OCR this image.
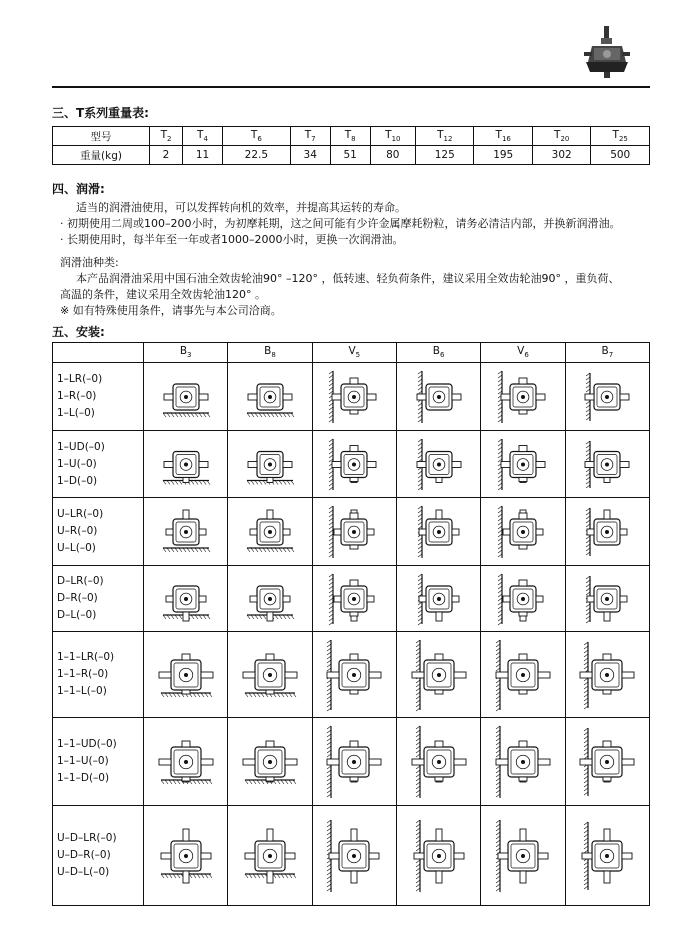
三、T系列重量表:
型号	$T_2$	$T_4$	$T_6$	$T_7$	$T_8$	$T_{10}$	$T_{12}$	$T_{16}$	$T_{20}$	$T_{25}$
重量(kg)	2	11	22.5	34	51	80	125	195	302	500
四、润滑:
适当的润滑油使用，可以发挥转向机的效率，并提高其运转的寿命。
· 初期使用二周或100–200小时，为初摩耗期，这之间可能有少许金属摩耗粉粒，请务必清洁内部，并换新润滑油。
· 长期使用时，每半年至一年或者1000–2000小时，更换一次润滑油。
润滑油种类:
本产品润滑油采用中国石油全效齿轮油90° –120° ，低转速、轻负荷条件，建议采用全效齿轮油90° ，重负荷、
高温的条件，建议采用全效齿轮油120° 。
※ 如有特殊使用条件，请事先与本公司洽商。
五、安装:
	$B_3$	$B_8$	$V_5$	$B_6$	$V_6$	$B_7$

1–LR(–0)
1–R(–0)
1–L(–0)

1–UD(–0)
1–U(–0)
1–D(–0)

U–LR(–0)
U–R(–0)
U–L(–0)

D–LR(–0)
D–R(–0)
D–L(–0)

1–1–LR(–0)
1–1–R(–0)
1–1–L(–0)

1–1–UD(–0)
1–1–U(–0)
1–1–D(–0)

U–D–LR(–0)
U–D–R(–0)
U–D–L(–0)
